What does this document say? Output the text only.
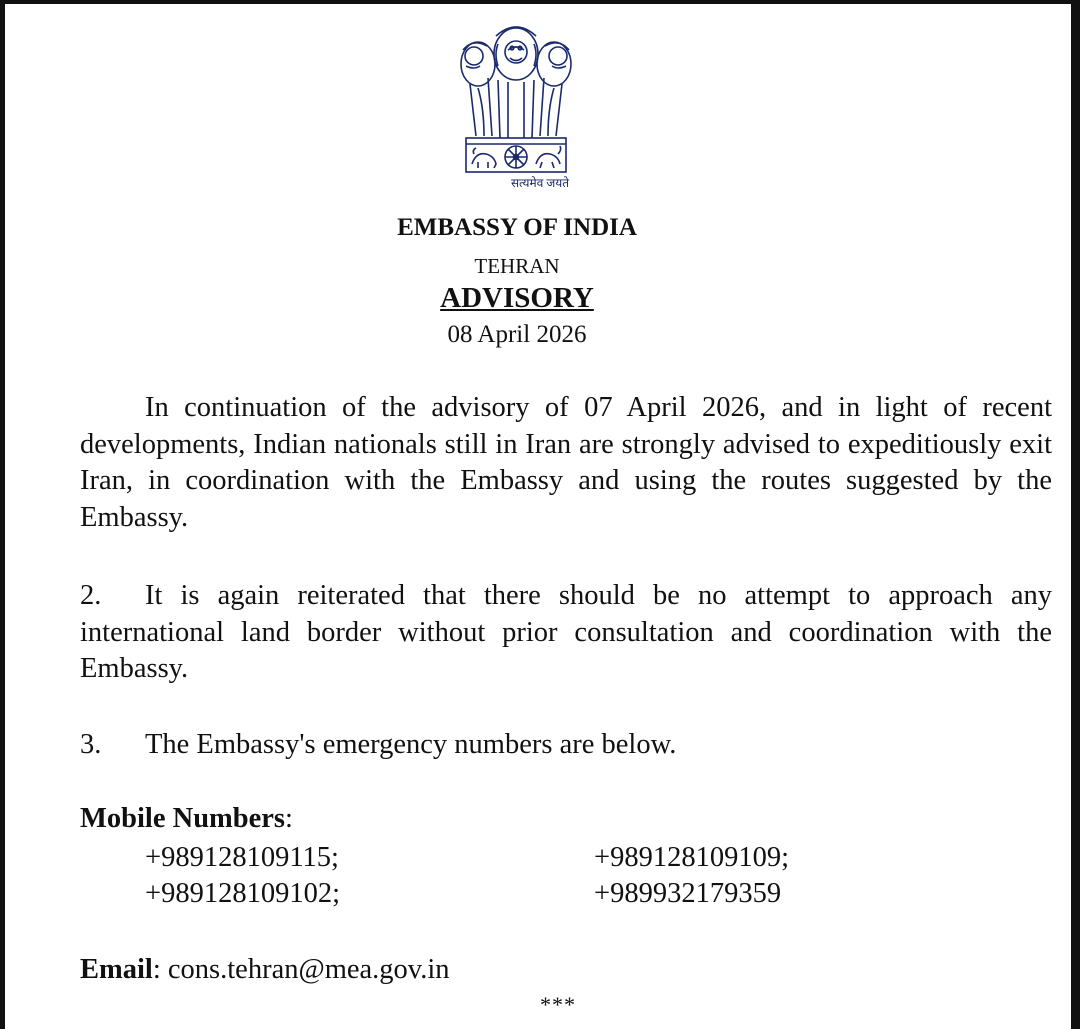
सत्यमेव जयते
EMBASSY OF INDIA
TEHRAN
ADVISORY
08 April 2026
In continuation of the advisory of 07 April 2026, and in light of recent developments, Indian nationals still in Iran are strongly advised to expeditiously exit Iran, in coordination with the Embassy and using the routes suggested by the Embassy.
2. It is again reiterated that there should be no attempt to approach any international land border without prior consultation and coordination with the Embassy.
3. The Embassy's emergency numbers are below.
Mobile Numbers:
+989128109115;	+989128109109;
+989128109102;	+989932179359
Email: cons.tehran@mea.gov.in
***
